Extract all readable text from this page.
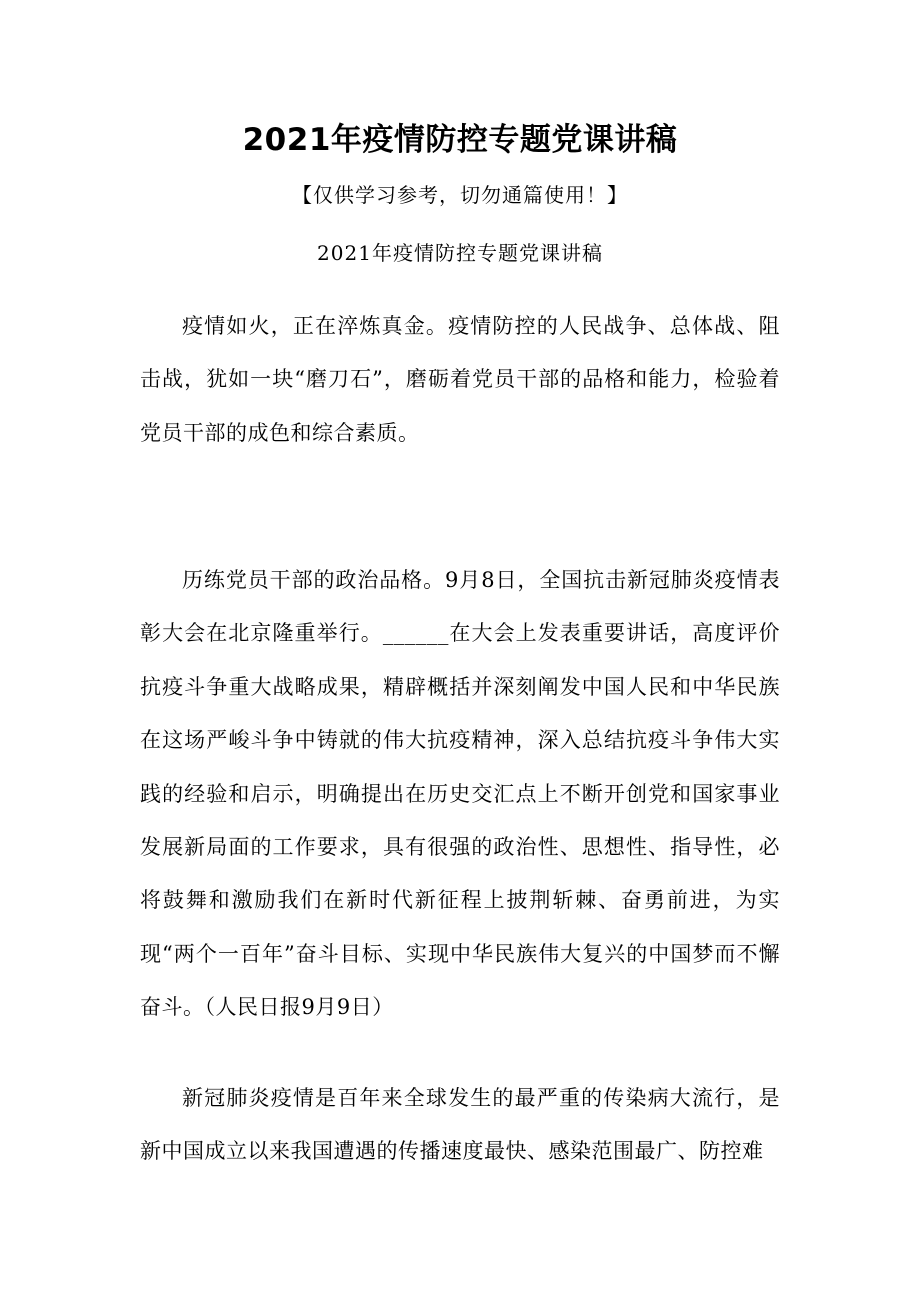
2021年疫情防控专题党课讲稿
【仅供学习参考，切勿通篇使用！】
2021年疫情防控专题党课讲稿

疫情如火，正在淬炼真金。疫情防控的人民战争、总体战、阻击战，犹如一块“磨刀石”，磨砺着党员干部的品格和能力，检验着党员干部的成色和综合素质。

历练党员干部的政治品格。9月8日，全国抗击新冠肺炎疫情表彰大会在北京隆重举行。______在大会上发表重要讲话，高度评价抗疫斗争重大战略成果，精辟概括并深刻阐发中国人民和中华民族在这场严峻斗争中铸就的伟大抗疫精神，深入总结抗疫斗争伟大实践的经验和启示，明确提出在历史交汇点上不断开创党和国家事业发展新局面的工作要求，具有很强的政治性、思想性、指导性，必将鼓舞和激励我们在新时代新征程上披荆斩棘、奋勇前进，为实现“两个一百年”奋斗目标、实现中华民族伟大复兴的中国梦而不懈奋斗。（人民日报9月9日）

新冠肺炎疫情是百年来全球发生的最严重的传染病大流行，是新中国成立以来我国遭遇的传播速度最快、感染范围最广、防控难
